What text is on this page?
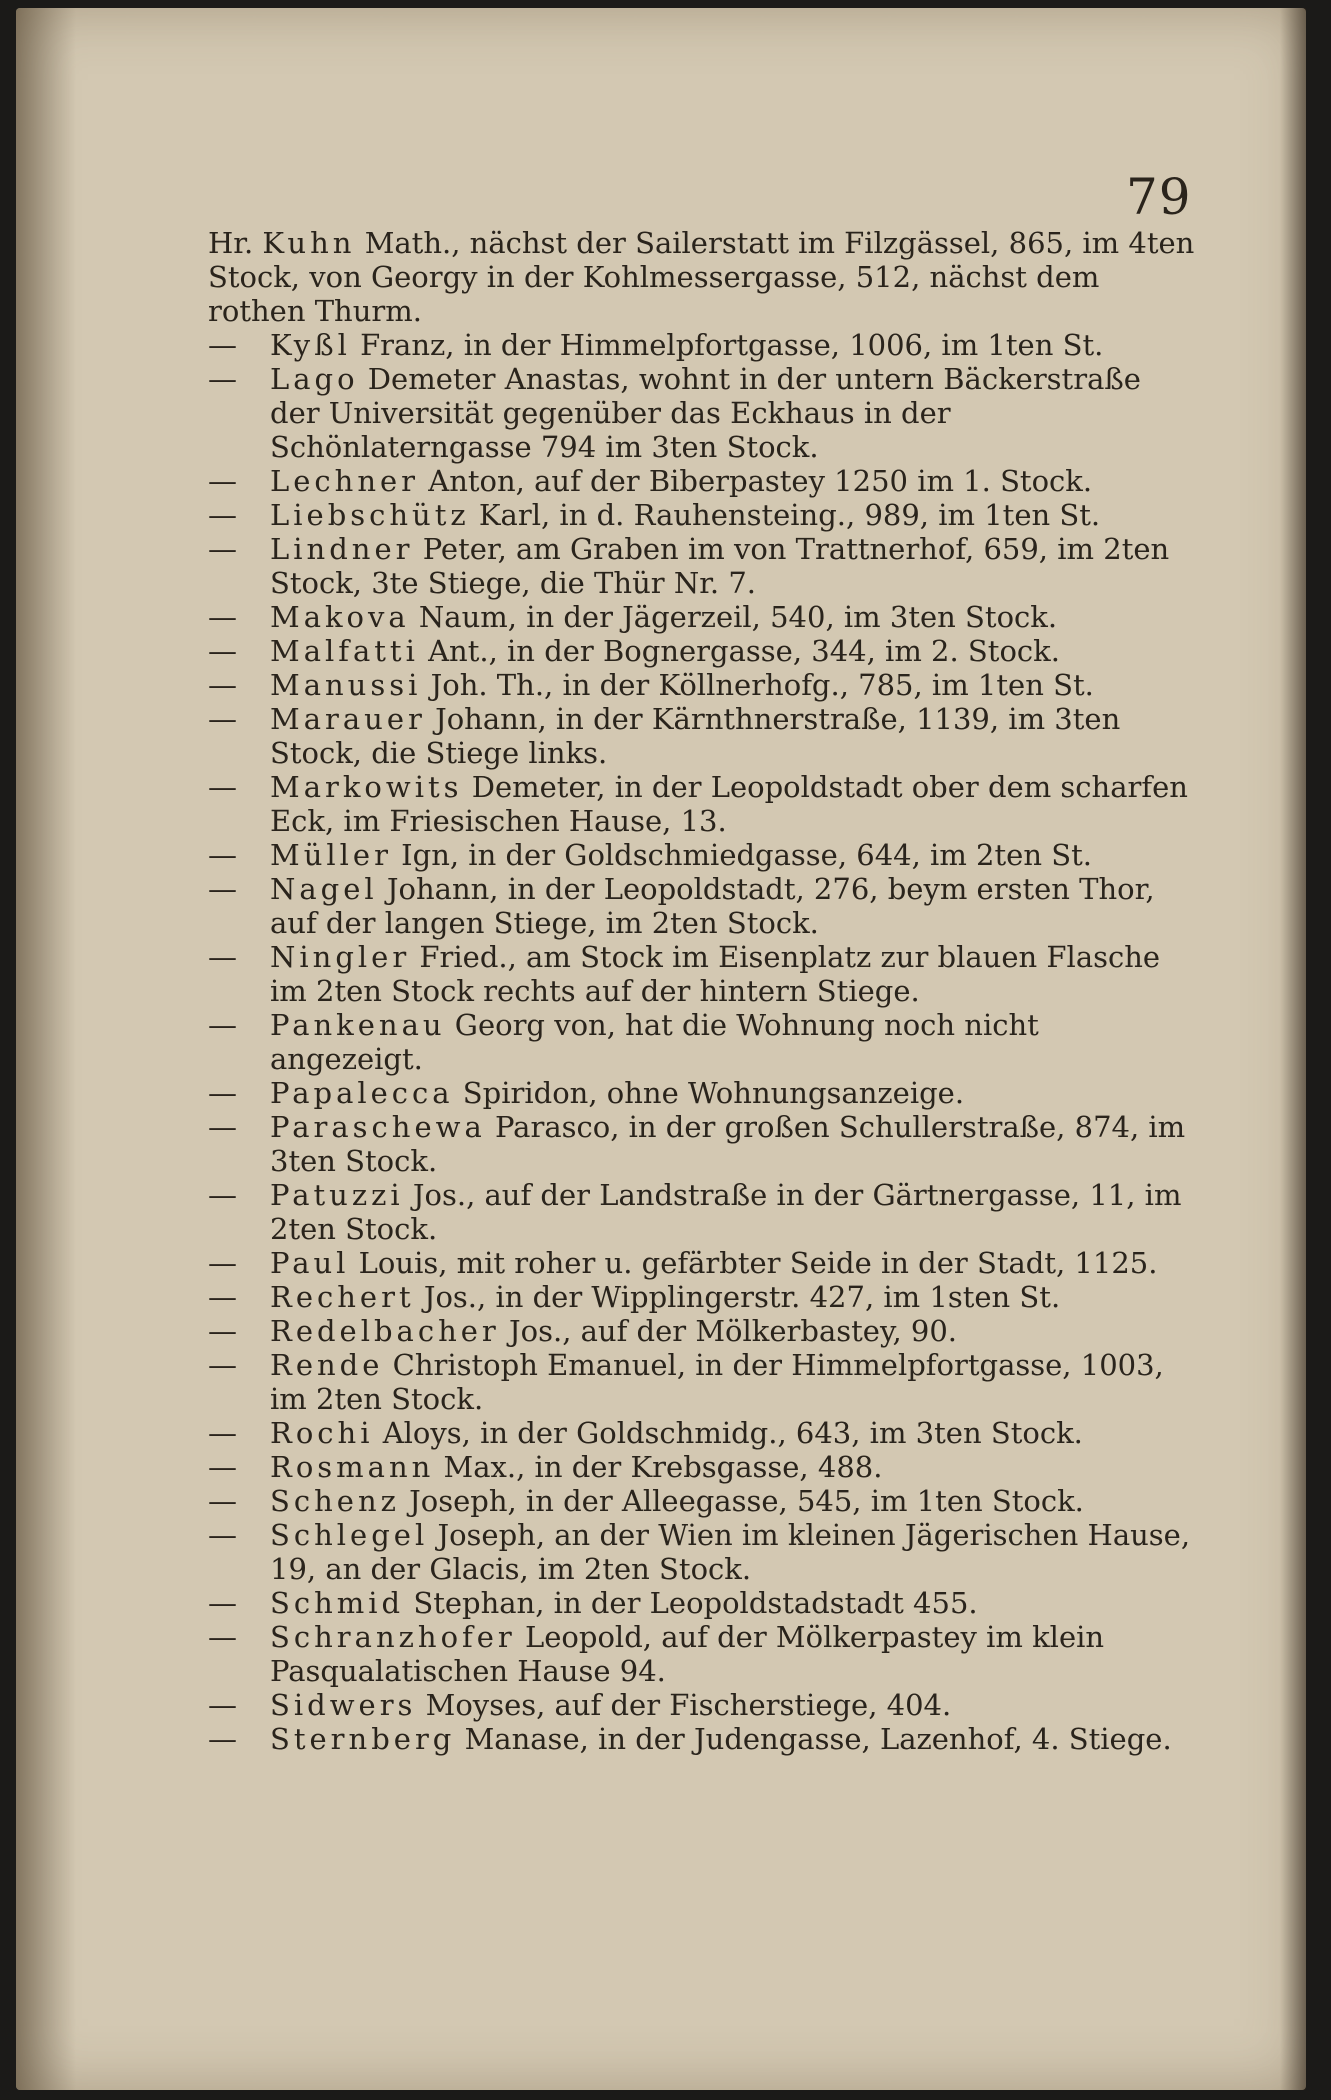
79

Hr. Kuhn Math., nächst der Sailerstatt im Filzgässel, 865, im 4ten Stock, von Georgy in der Kohlmessergasse, 512, nächst dem rothen Thurm.

— Kyßl Franz, in der Himmelpfortgasse, 1006, im 1ten St.

— Lago Demeter Anastas, wohnt in der untern Bäckerstraße der Universität gegenüber das Eckhaus in der Schönlaterngasse 794 im 3ten Stock.

— Lechner Anton, auf der Biberpastey 1250 im 1. Stock.

— Liebschütz Karl, in d. Rauhensteing., 989, im 1ten St.

— Lindner Peter, am Graben im von Trattnerhof, 659, im 2ten Stock, 3te Stiege, die Thür Nr. 7.

— Makova Naum, in der Jägerzeil, 540, im 3ten Stock.

— Malfatti Ant., in der Bognergasse, 344, im 2. Stock.

— Manussi Joh. Th., in der Köllnerhofg., 785, im 1ten St.

— Marauer Johann, in der Kärnthnerstraße, 1139, im 3ten Stock, die Stiege links.

— Markowits Demeter, in der Leopoldstadt ober dem scharfen Eck, im Friesischen Hause, 13.

— Müller Ign, in der Goldschmiedgasse, 644, im 2ten St.

— Nagel Johann, in der Leopoldstadt, 276, beym ersten Thor, auf der langen Stiege, im 2ten Stock.

— Ningler Fried., am Stock im Eisenplatz zur blauen Flasche im 2ten Stock rechts auf der hintern Stiege.

— Pankenau Georg von, hat die Wohnung noch nicht angezeigt.

— Papalecca Spiridon, ohne Wohnungsanzeige.

— Paraschewa Parasco, in der großen Schullerstraße, 874, im 3ten Stock.

— Patuzzi Jos., auf der Landstraße in der Gärtnergasse, 11, im 2ten Stock.

— Paul Louis, mit roher u. gefärbter Seide in der Stadt, 1125.

— Rechert Jos., in der Wipplingerstr. 427, im 1sten St.

— Redelbacher Jos., auf der Mölkerbastey, 90.

— Rende Christoph Emanuel, in der Himmelpfortgasse, 1003, im 2ten Stock.

— Rochi Aloys, in der Goldschmidg., 643, im 3ten Stock.

— Rosmann Max., in der Krebsgasse, 488.

— Schenz Joseph, in der Alleegasse, 545, im 1ten Stock.

— Schlegel Joseph, an der Wien im kleinen Jägerischen Hause, 19, an der Glacis, im 2ten Stock.

— Schmid Stephan, in der Leopoldstadstadt 455.

— Schranzhofer Leopold, auf der Mölkerpastey im klein Pasqualatischen Hause 94.

— Sidwers Moyses, auf der Fischerstiege, 404.

— Sternberg Manase, in der Judengasse, Lazenhof, 4. Stiege.
